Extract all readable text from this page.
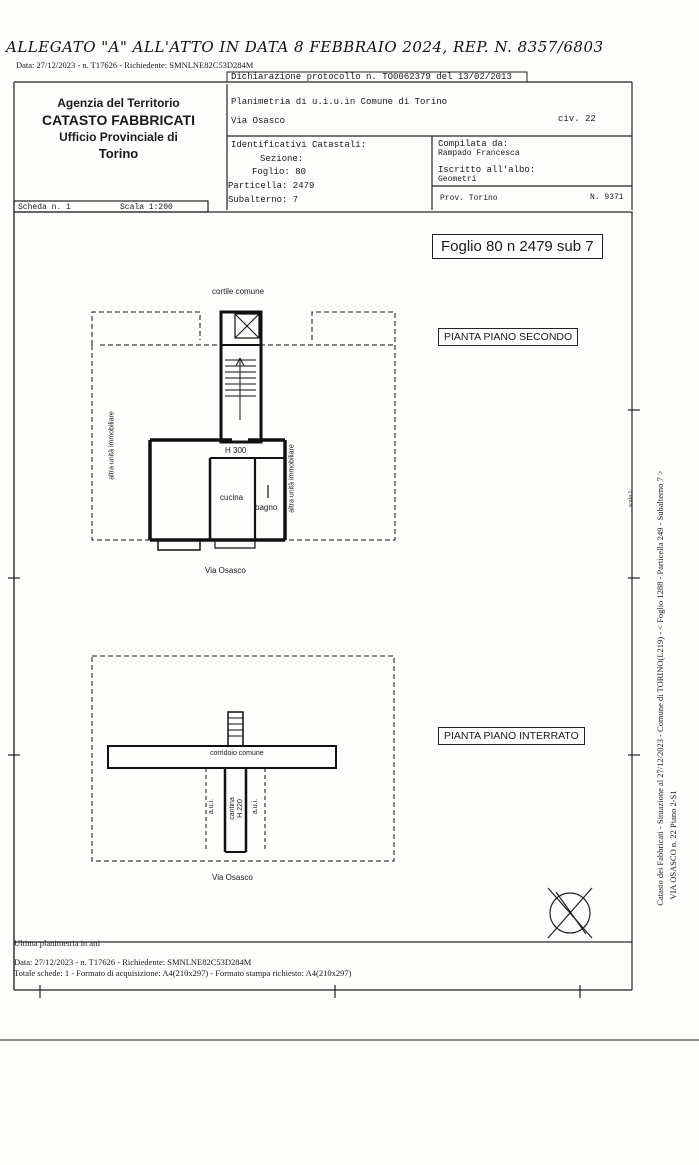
ALLEGATO "A" ALL'ATTO IN DATA 8 FEBBRAIO 2024, REP. N. 8357/6803
Data: 27/12/2023 - n. T17626 - Richiedente: SMNLNE82C53D284M
Agenzia del Territorio
CATASTO FABBRICATI
Ufficio Provinciale di
Torino
Dichiarazione protocollo n. TO0062379 del 13/02/2013
Planimetria di u.i.u.in Comune di Torino
Via Osasco	civ. 22
Identificativi Catastali:
Sezione:
Foglio: 80
Particella: 2479
Subalterno: 7
Compilata da:
Rampado Francesca
Iscritto all'albo:
Geometri
Prov. Torino	N. 9371
Scheda n. 1	Scala 1:200
Foglio 80 n 2479 sub 7
PIANTA PIANO SECONDO
cortile comune
H 300
cucina
bagno
altra unità immobiliare	altra unità immobiliare
Via Osasco
PIANTA PIANO INTERRATO
corridoio comune
a.u.i. cantina H 220 a.u.i.
Via Osasco	Catasto dei Fabbricati - Situazione al 27/12/2023 - Comune di TORINO(L219) - < Foglio 1288 - Particella 249 - Subalterno 7 > VIA OSASCO n. 22 Piano 2-S1
scala 1:
Ultima planimetria in atti
Data: 27/12/2023 - n. T17626 - Richiedente: SMNLNE82C53D284M
Totale schede: 1 - Formato di acquisizione: A4(210x297) - Formato stampa richiesto: A4(210x297)
